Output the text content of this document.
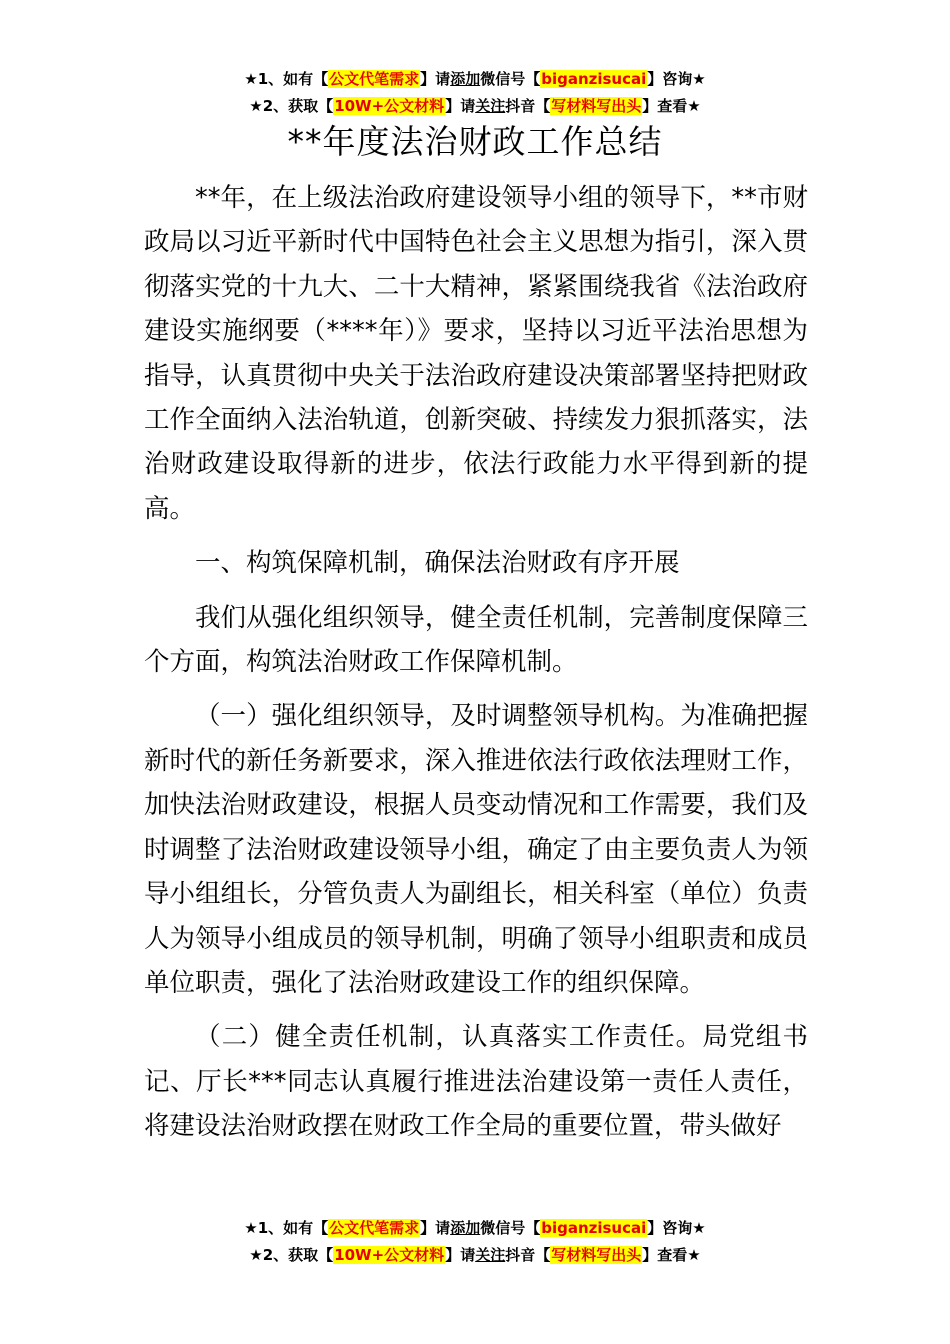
★1、如有【公文代笔需求】请添加微信号【biganzisucai】咨询★
★2、获取【10W+公文材料】请关注抖音【写材料写出头】查看★
**年度法治财政工作总结

**年，在上级法治政府建设领导小组的领导下，**市财政局以习近平新时代中国特色社会主义思想为指引，深入贯彻落实党的十九大、二十大精神，紧紧围绕我省《法治政府建设实施纲要（****年）》要求，坚持以习近平法治思想为指导，认真贯彻中央关于法治政府建设决策部署坚持把财政工作全面纳入法治轨道，创新突破、持续发力狠抓落实，法治财政建设取得新的进步，依法行政能力水平得到新的提高。

一、构筑保障机制，确保法治财政有序开展

我们从强化组织领导，健全责任机制，完善制度保障三个方面，构筑法治财政工作保障机制。

（一）强化组织领导，及时调整领导机构。为准确把握新时代的新任务新要求，深入推进依法行政依法理财工作，加快法治财政建设，根据人员变动情况和工作需要，我们及时调整了法治财政建设领导小组，确定了由主要负责人为领导小组组长，分管负责人为副组长，相关科室（单位）负责人为领导小组成员的领导机制，明确了领导小组职责和成员单位职责，强化了法治财政建设工作的组织保障。

（二）健全责任机制，认真落实工作责任。局党组书记、厅长***同志认真履行推进法治建设第一责任人责任，将建设法治财政摆在财政工作全局的重要位置，带头做好

★1、如有【公文代笔需求】请添加微信号【biganzisucai】咨询★
★2、获取【10W+公文材料】请关注抖音【写材料写出头】查看★
